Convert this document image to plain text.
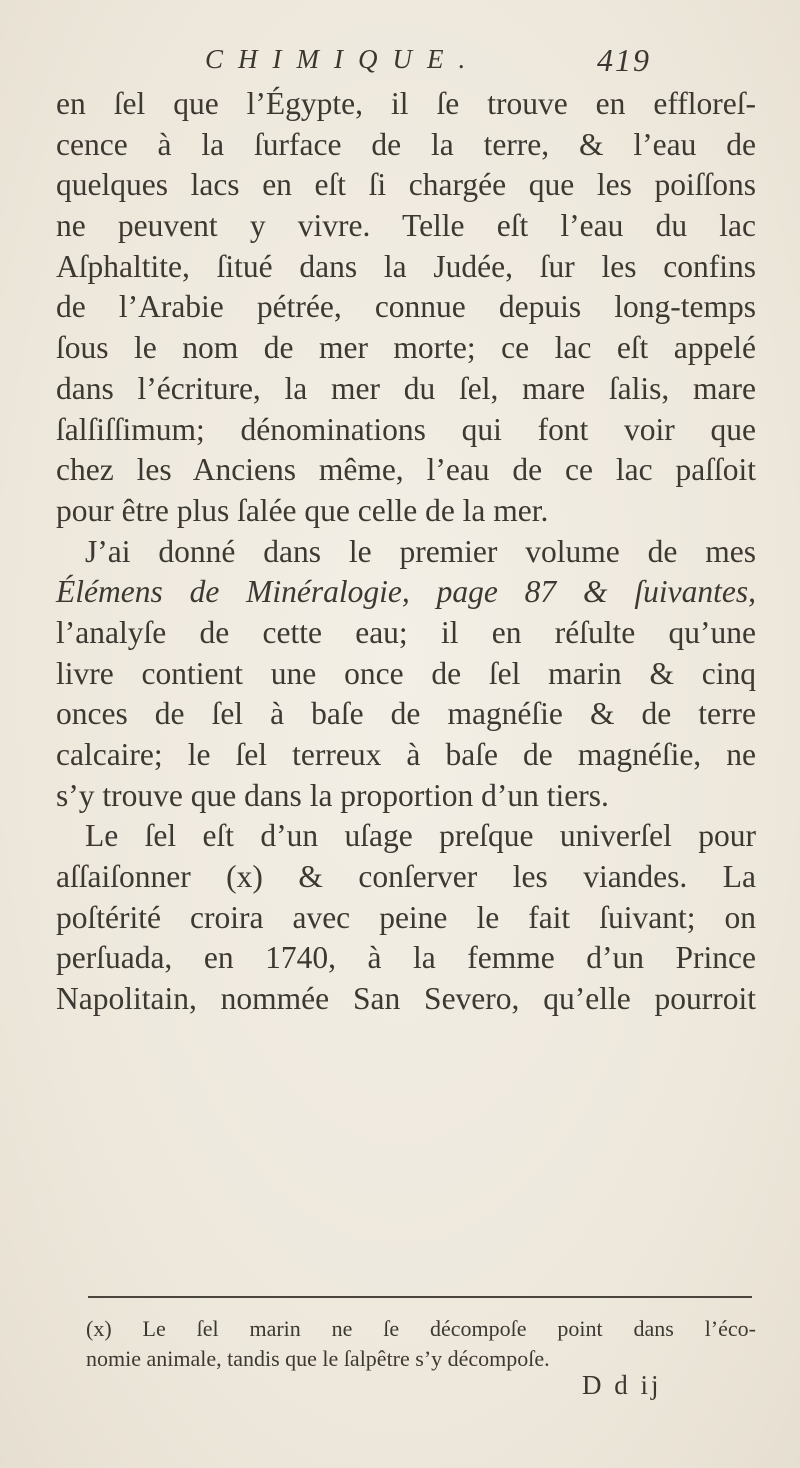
CHIMIQUE.	419
en ſel que l’Égypte, il ſe trouve en effloreſ-
cence à la ſurface de la terre, & l’eau de
quelques lacs en eſt ſi chargée que les poiſſons
ne peuvent y vivre. Telle eſt l’eau du lac
Aſphaltite, ſitué dans la Judée, ſur les confins
de l’Arabie pétrée, connue depuis long-temps
ſous le nom de mer morte; ce lac eſt appelé
dans l’écriture, la mer du ſel, mare ſalis, mare
ſalſiſſimum; dénominations qui font voir que
chez les Anciens même, l’eau de ce lac paſſoit
pour être plus ſalée que celle de la mer.
J’ai donné dans le premier volume de mes
Élémens de Minéralogie, page 87 & ſuivantes,
l’analyſe de cette eau; il en réſulte qu’une
livre contient une once de ſel marin & cinq
onces de ſel à baſe de magnéſie & de terre
calcaire; le ſel terreux à baſe de magnéſie, ne
s’y trouve que dans la proportion d’un tiers.
Le ſel eſt d’un uſage preſque univerſel pour
aſſaiſonner (x) & conſerver les viandes. La
poſtérité croira avec peine le fait ſuivant; on
perſuada, en 1740, à la femme d’un Prince
Napolitain, nommée San Severo, qu’elle pourroit
(x) Le ſel marin ne ſe décompoſe point dans l’éco-
nomie animale, tandis que le ſalpêtre s’y décompoſe.
D d ij
